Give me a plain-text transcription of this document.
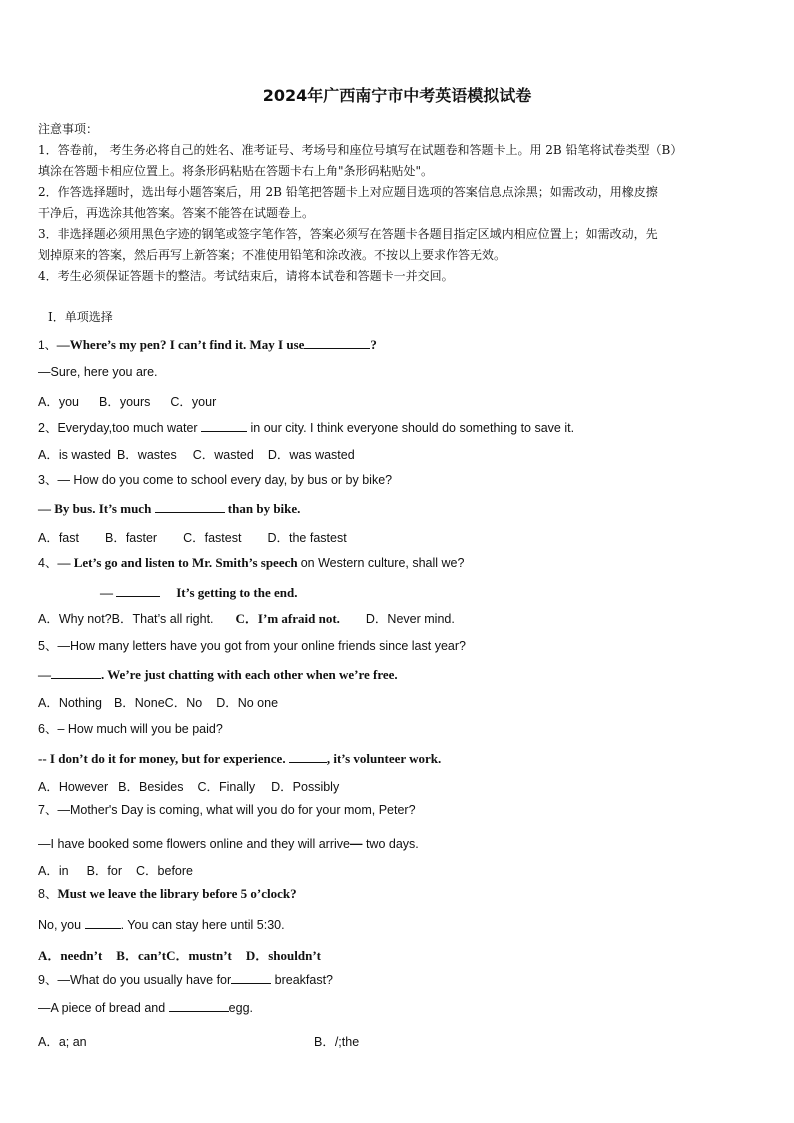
2024年广西南宁市中考英语模拟试卷
注意事项：
1．答卷前， 考生务必将自己的姓名、准考证号、考场号和座位号填写在试题卷和答题卡上。用 2B 铅笔将试卷类型（B）
填涂在答题卡相应位置上。将条形码粘贴在答题卡右上角"条形码粘贴处"。
2．作答选择题时，选出每小题答案后，用 2B 铅笔把答题卡上对应题目选项的答案信息点涂黑；如需改动，用橡皮擦
干净后，再选涂其他答案。答案不能答在试题卷上。
3．非选择题必须用黑色字迹的钢笔或签字笔作答，答案必须写在答题卡各题目指定区域内相应位置上；如需改动，先
划掉原来的答案，然后再写上新答案；不准使用铅笔和涂改液。不按以上要求作答无效。
4．考生必须保证答题卡的整洁。考试结束后，请将本试卷和答题卡一并交回。
Ⅰ．单项选择
1、—Where’s my pen? I can’t find it. May I use	?
—Sure, here you are.
A．you B．yours C．your
2、Everyday,too much water	in our city. I think everyone should do something to save it.
A．is wasted B．wastes C．wasted D．was wasted
3、— How do you come to school every day, by bus or by bike?
— By bus. It’s much	than by bike.
A．fast B．faster C．fastest D．the fastest
4、— Let’s go and listen to Mr. Smith’s speech on Western culture, shall we?
—	It’s getting to the end.
A．Why not?B．That’s all right. C．I’m afraid not. D．Never mind.
5、—How many letters have you got from your online friends since last year?
—	. We’re just chatting with each other when we’re free.
A．Nothing B．NoneC．No D．No one
6、– How much will you be paid?
-- I don’t do it for money, but for experience.	, it’s volunteer work.
A．However B．Besides C．Finally D．Possibly
7、—Mother's Day is coming, what will you do for your mom, Peter?
—I have booked some flowers online and they will arrive— two days.
A．in B．for C．before
8、Must we leave the library before 5 o’clock?
No, you	. You can stay here until 5:30.
A．needn’t B．can’tC．mustn’t D．shouldn’t
9、—What do you usually have for	breakfast?
—A piece of bread and	egg.
A．a; an	B．/;the
